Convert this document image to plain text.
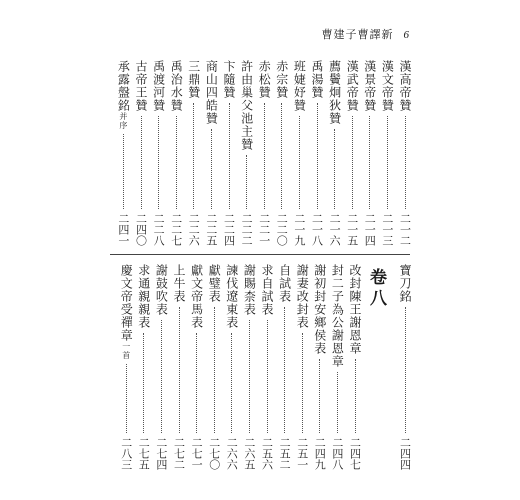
曹建子曹譯新 6
卷八
漢高帝贊
二一二
漢文帝贊
二一三
漢景帝贊
二一四
漢武帝贊
二一五
薦鬢炯狄贊
二一六
禹湯贊
二一八
班婕妤贊
二一九
赤宗贊
二二〇
赤松贊
二二一
許由巢父池主贊
二二二
卞隨贊
二二四
商山四皓贊
二二五
三鼎贊
二二六
禹治水贊
二二七
禹渡河贊
二二八
古帝王贊
二四〇
承露盤銘
并序
二四一
寶刀銘
二四四
改封陳王謝恩章
二四七
封二子為公謝恩章
二四八
謝初封安鄉侯表
二四九
謝妻改封表
二五一
自試表
二五二
求自試表
二五六
謝賜柰表
二六五
諫伐遼東表
二六六
獻璧表
二七〇
獻文帝馬表
二七一
上牛表
二七二
謝鼓吹表
二七四
求通親親表
二七五
慶文帝受禪章
一首
二八三
